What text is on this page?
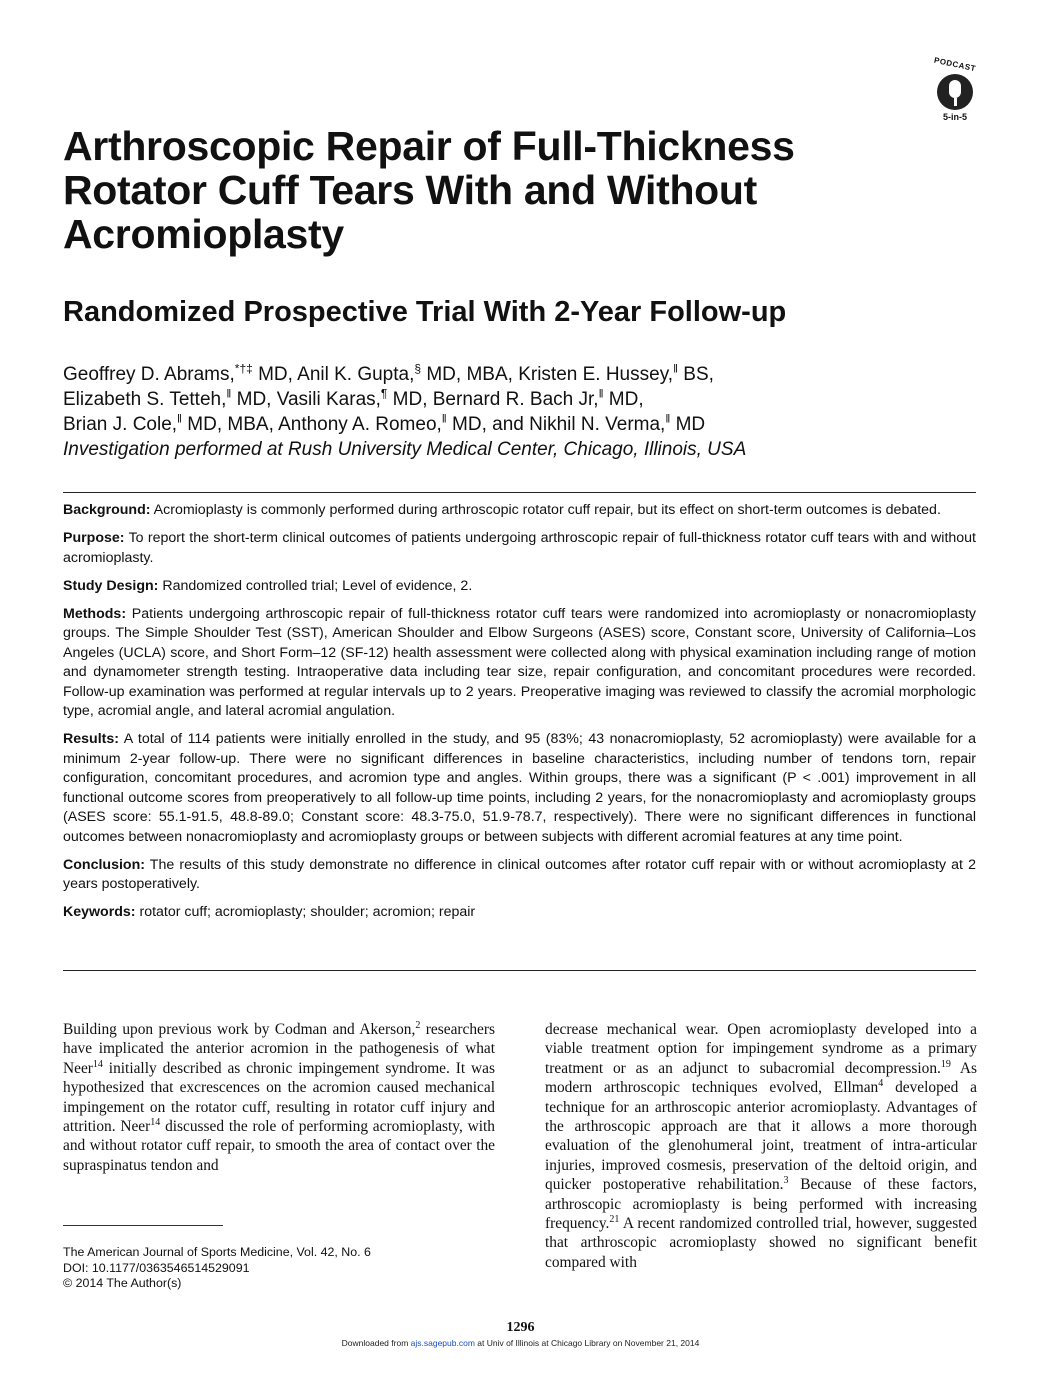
PODCAST
5-in-5
Arthroscopic Repair of Full-Thickness
Rotator Cuff Tears With and Without
Acromioplasty
Randomized Prospective Trial With 2-Year Follow-up
Geoffrey D. Abrams,*†‡ MD, Anil K. Gupta,§ MD, MBA, Kristen E. Hussey,‖ BS,
Elizabeth S. Tetteh,‖ MD, Vasili Karas,¶ MD, Bernard R. Bach Jr,‖ MD,
Brian J. Cole,‖ MD, MBA, Anthony A. Romeo,‖ MD, and Nikhil N. Verma,‖ MD
Investigation performed at Rush University Medical Center, Chicago, Illinois, USA

Background: Acromioplasty is commonly performed during arthroscopic rotator cuff repair, but its effect on short-term outcomes is debated.

Purpose: To report the short-term clinical outcomes of patients undergoing arthroscopic repair of full-thickness rotator cuff tears with and without acromioplasty.

Study Design: Randomized controlled trial; Level of evidence, 2.

Methods: Patients undergoing arthroscopic repair of full-thickness rotator cuff tears were randomized into acromioplasty or nonacromioplasty groups. The Simple Shoulder Test (SST), American Shoulder and Elbow Surgeons (ASES) score, Constant score, University of California–Los Angeles (UCLA) score, and Short Form–12 (SF-12) health assessment were collected along with physical examination including range of motion and dynamometer strength testing. Intraoperative data including tear size, repair configuration, and concomitant procedures were recorded. Follow-up examination was performed at regular intervals up to 2 years. Preoperative imaging was reviewed to classify the acromial morphologic type, acromial angle, and lateral acromial angulation.

Results: A total of 114 patients were initially enrolled in the study, and 95 (83%; 43 nonacromioplasty, 52 acromioplasty) were available for a minimum 2-year follow-up. There were no significant differences in baseline characteristics, including number of tendons torn, repair configuration, concomitant procedures, and acromion type and angles. Within groups, there was a significant (P < .001) improvement in all functional outcome scores from preoperatively to all follow-up time points, including 2 years, for the nonacromioplasty and acromioplasty groups (ASES score: 55.1-91.5, 48.8-89.0; Constant score: 48.3-75.0, 51.9-78.7, respectively). There were no significant differences in functional outcomes between nonacromioplasty and acromioplasty groups or between subjects with different acromial features at any time point.

Conclusion: The results of this study demonstrate no difference in clinical outcomes after rotator cuff repair with or without acromioplasty at 2 years postoperatively.

Keywords: rotator cuff; acromioplasty; shoulder; acromion; repair

Building upon previous work by Codman and Akerson,$^2$ researchers have implicated the anterior acromion in the pathogenesis of what Neer$^{14}$ initially described as chronic impingement syndrome. It was hypothesized that excrescences on the acromion caused mechanical impingement on the rotator cuff, resulting in rotator cuff injury and attrition. Neer$^{14}$ discussed the role of performing acromioplasty, with and without rotator cuff repair, to smooth the area of contact over the supraspinatus tendon and
decrease mechanical wear. Open acromioplasty developed into a viable treatment option for impingement syndrome as a primary treatment or as an adjunct to subacromial decompression.$^{19}$ As modern arthroscopic techniques evolved, Ellman$^4$ developed a technique for an arthroscopic anterior acromioplasty. Advantages of the arthroscopic approach are that it allows a more thorough evaluation of the glenohumeral joint, treatment of intra-articular injuries, improved cosmesis, preservation of the deltoid origin, and quicker postoperative rehabilitation.$^3$ Because of these factors, arthroscopic acromioplasty is being performed with increasing frequency.$^{21}$ A recent randomized controlled trial, however, suggested that arthroscopic acromioplasty showed no significant benefit compared with
The American Journal of Sports Medicine, Vol. 42, No. 6
DOI: 10.1177/0363546514529091
© 2014 The Author(s)
1296
Downloaded from ajs.sagepub.com at Univ of Illinois at Chicago Library on November 21, 2014
